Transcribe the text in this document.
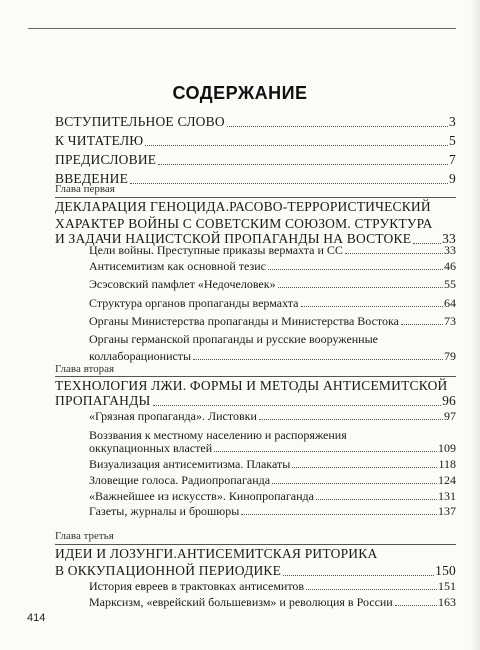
СОДЕРЖАНИЕ
ВСТУПИТЕЛЬНОЕ СЛОВО	3
К ЧИТАТЕЛЮ	5
ПРЕДИСЛОВИЕ	7
ВВЕДЕНИЕ	9
Глава первая
ДЕКЛАРАЦИЯ ГЕНОЦИДА.РАСОВО-ТЕРРОРИСТИЧЕСКИЙ
ХАРАКТЕР ВОЙНЫ С СОВЕТСКИМ СОЮЗОМ. СТРУКТУРА
И ЗАДАЧИ НАЦИСТСКОЙ ПРОПАГАНДЫ НА ВОСТОКЕ 33
Цели войны. Преступные приказы вермахта и СС	33
Антисемитизм как основной тезис	46
Эсэсовский памфлет «Недочеловек»	55
Структура органов пропаганды вермахта	64
Органы Министерства пропаганды и Министерства Востока	73
Органы германской пропаганды и русские вооруженные
коллаборационисты	79
Глава вторая
ТЕХНОЛОГИЯ ЛЖИ. ФОРМЫ И МЕТОДЫ АНТИСЕМИТСКОЙ
ПРОПАГАНДЫ	96
«Грязная пропаганда». Листовки	97
Воззвания к местному населению и распоряжения
оккупационных властей	109
Визуализация антисемитизма. Плакаты	118
Зловещие голоса. Радиопропаганда	124
«Важнейшее из искусств». Кинопропаганда	131
Газеты, журналы и брошюры	137
Глава третья
ИДЕИ И ЛОЗУНГИ.АНТИСЕМИТСКАЯ РИТОРИКА
В ОККУПАЦИОННОЙ ПЕРИОДИКЕ	150
История евреев в трактовках антисемитов	151
Марксизм, «еврейский большевизм» и революция в России	163
414
